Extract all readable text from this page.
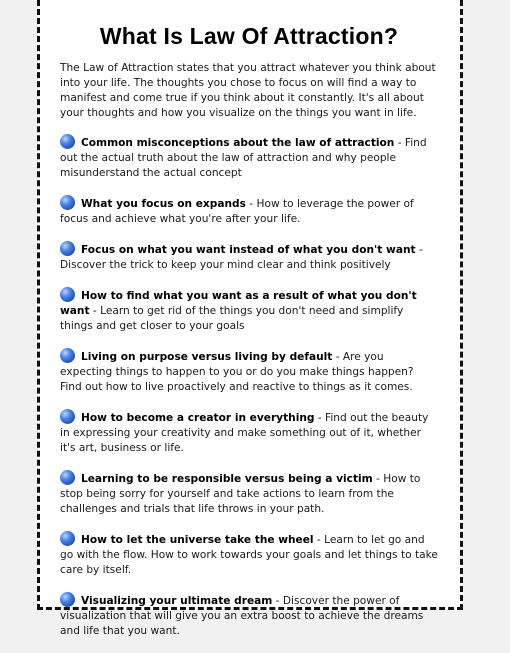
What Is Law Of Attraction?

The Law of Attraction states that you attract whatever you think about into your life. The thoughts you chose to focus on will find a way to manifest and come true if you think about it constantly. It's all about your thoughts and how you visualize on the things you want in life.

Common misconceptions about the law of attraction - Find out the actual truth about the law of attraction and why people misunderstand the actual concept

What you focus on expands - How to leverage the power of focus and achieve what you're after your life.

Focus on what you want instead of what you don't want - Discover the trick to keep your mind clear and think positively

How to find what you want as a result of what you don't want - Learn to get rid of the things you don't need and simplify things and get closer to your goals

Living on purpose versus living by default - Are you expecting things to happen to you or do you make things happen? Find out how to live proactively and reactive to things as it comes.

How to become a creator in everything - Find out the beauty in expressing your creativity and make something out of it, whether it's art, business or life.

Learning to be responsible versus being a victim - How to stop being sorry for yourself and take actions to learn from the challenges and trials that life throws in your path.

How to let the universe take the wheel - Learn to let go and go with the flow. How to work towards your goals and let things to take care by itself.

Visualizing your ultimate dream - Discover the power of visualization that will give you an extra boost to achieve the dreams and life that you want.
